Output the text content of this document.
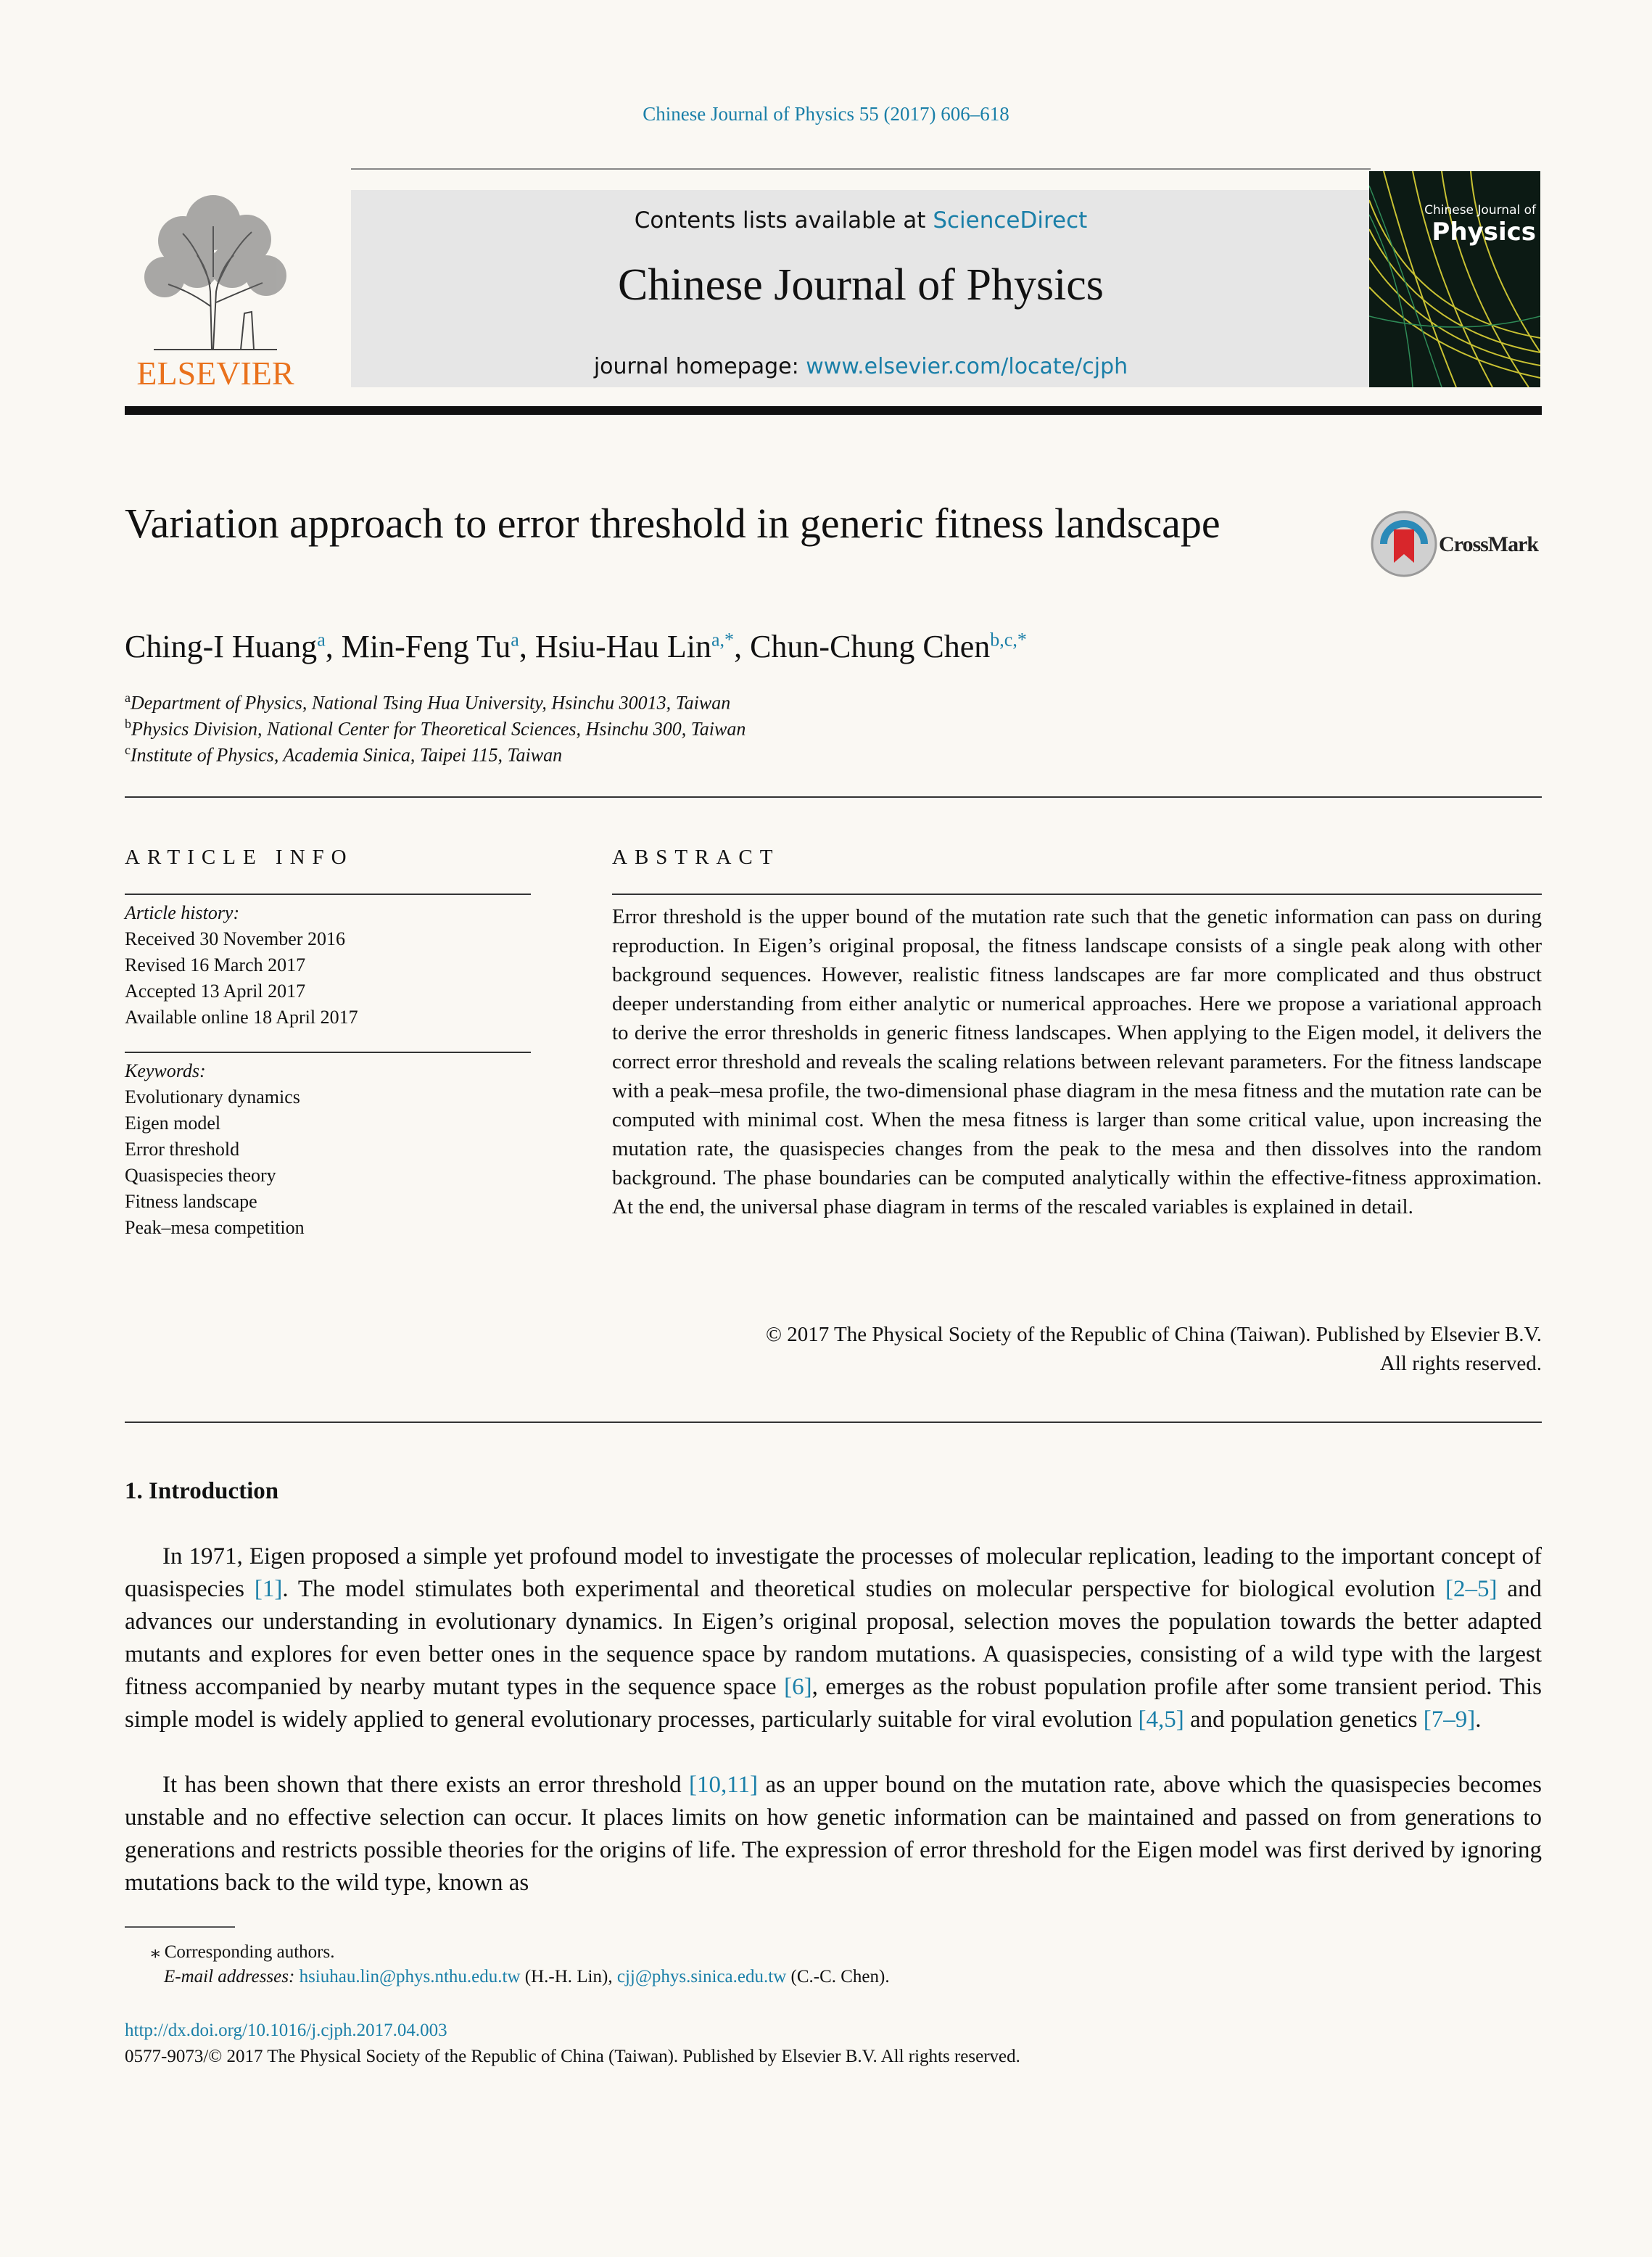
Chinese Journal of Physics 55 (2017) 606–618
ELSEVIER
Contents lists available at ScienceDirect
Chinese Journal of Physics
journal homepage: www.elsevier.com/locate/cjph
Chinese Journal of
Physics
Variation approach to error threshold in generic fitness landscape	CrossMark
Ching-I Huang$^a$, Min-Feng Tu$^a$, Hsiu-Hau Lin$^{a,*}$, Chun-Chung Chen$^{b,c,*}$
$^a$Department of Physics, National Tsing Hua University, Hsinchu 30013, Taiwan
$^b$Physics Division, National Center for Theoretical Sciences, Hsinchu 300, Taiwan
$^c$Institute of Physics, Academia Sinica, Taipei 115, Taiwan
ARTICLE INFO	ABSTRACT
Article history:
Received 30 November 2016
Revised 16 March 2017
Accepted 13 April 2017
Available online 18 April 2017
Keywords:
Evolutionary dynamics
Eigen model
Error threshold
Quasispecies theory
Fitness landscape
Peak–mesa competition
Error threshold is the upper bound of the mutation rate such that the genetic information can pass on during reproduction. In Eigen’s original proposal, the fitness landscape consists of a single peak along with other background sequences. However, realistic fitness landscapes are far more complicated and thus obstruct deeper understanding from either analytic or numerical approaches. Here we propose a variational approach to derive the error thresholds in generic fitness landscapes. When applying to the Eigen model, it delivers the correct error threshold and reveals the scaling relations between relevant parameters. For the fitness landscape with a peak–mesa profile, the two-dimensional phase diagram in the mesa fitness and the mutation rate can be computed with minimal cost. When the mesa fitness is larger than some critical value, upon increasing the mutation rate, the quasispecies changes from the peak to the mesa and then dissolves into the random background. The phase boundaries can be computed analytically within the effective-fitness approximation. At the end, the universal phase diagram in terms of the rescaled variables is explained in detail.
© 2017 The Physical Society of the Republic of China (Taiwan). Published by Elsevier B.V.
All rights reserved.
1. Introduction
In 1971, Eigen proposed a simple yet profound model to investigate the processes of molecular replication, leading to the important concept of quasispecies [1]. The model stimulates both experimental and theoretical studies on molecular perspective for biological evolution [2–5] and advances our understanding in evolutionary dynamics. In Eigen’s original proposal, selection moves the population towards the better adapted mutants and explores for even better ones in the sequence space by random mutations. A quasispecies, consisting of a wild type with the largest fitness accompanied by nearby mutant types in the sequence space [6], emerges as the robust population profile after some transient period. This simple model is widely applied to general evolutionary processes, particularly suitable for viral evolution [4,5] and population genetics [7–9].
It has been shown that there exists an error threshold [10,11] as an upper bound on the mutation rate, above which the quasispecies becomes unstable and no effective selection can occur. It places limits on how genetic information can be maintained and passed on from generations to generations and restricts possible theories for the origins of life. The expression of error threshold for the Eigen model was first derived by ignoring mutations back to the wild type, known as
⁎ Corresponding authors.
E-mail addresses: hsiuhau.lin@phys.nthu.edu.tw (H.-H. Lin), cjj@phys.sinica.edu.tw (C.-C. Chen).
http://dx.doi.org/10.1016/j.cjph.2017.04.003
0577-9073/© 2017 The Physical Society of the Republic of China (Taiwan). Published by Elsevier B.V. All rights reserved.
